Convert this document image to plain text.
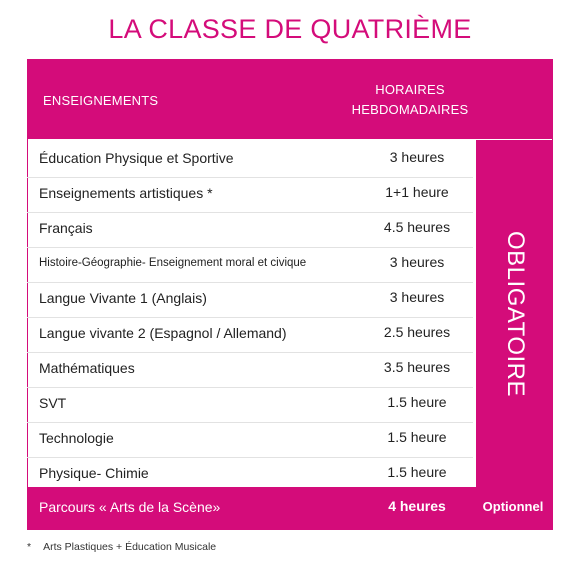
LA CLASSE DE QUATRIÈME
ENSEIGNEMENTS
HORAIRES
HEBDOMADAIRES
Éducation Physique et Sportive	3 heures
Enseignements artistiques *	1+1 heure
Français	4.5 heures
Histoire-Géographie- Enseignement moral et civique	3 heures
Langue Vivante 1 (Anglais)	3 heures
Langue vivante 2 (Espagnol / Allemand)	2.5 heures
Mathématiques	3.5 heures
SVT	1.5 heure
Technologie	1.5 heure
Physique- Chimie	1.5 heure
OBLIGATOIRE
Parcours « Arts de la Scène»	4 heures	Optionnel
* Arts Plastiques + Éducation Musicale
